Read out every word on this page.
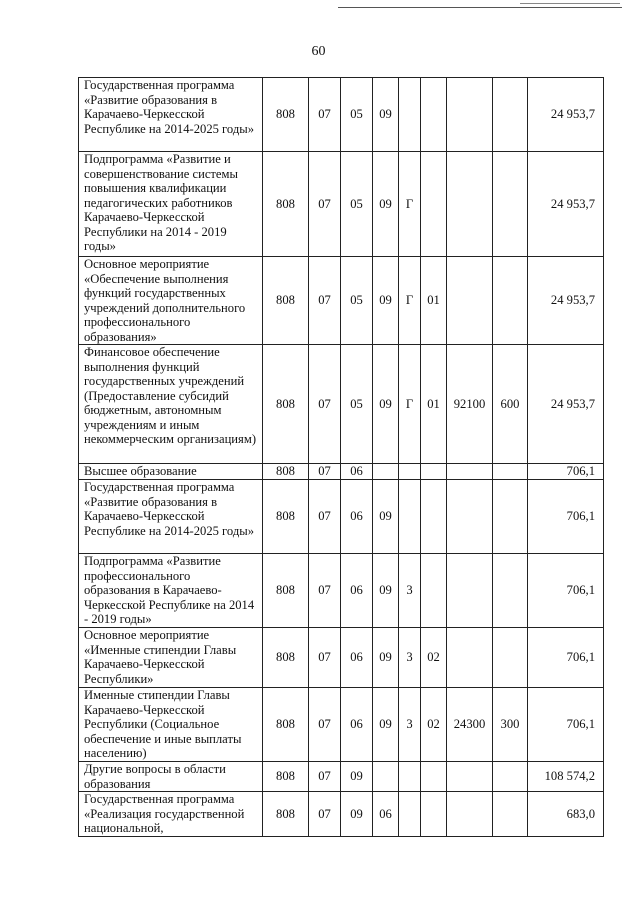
60
Государственная программа «Развитие образования в Карачаево-Черкесской Республике на 2014-2025 годы»	808	07	05	09					24 953,7
Подпрограмма «Развитие и совершенствование системы повышения квалификации педагогических работников Карачаево-Черкесской Республики на 2014 - 2019 годы»	808	07	05	09	Г				24 953,7
Основное мероприятие «Обеспечение выполнения функций государственных учреждений дополнительного профессионального образования»	808	07	05	09	Г	01			24 953,7
Финансовое обеспечение выполнения функций государственных учреждений (Предоставление субсидий бюджетным, автономным учреждениям и иным некоммерческим организациям)	808	07	05	09	Г	01	92100	600	24 953,7
Высшее образование	808	07	06						706,1
Государственная программа «Развитие образования в Карачаево-Черкесской Республике на 2014-2025 годы»	808	07	06	09					706,1
Подпрограмма «Развитие профессионального образования в Карачаево-Черкесской Республике на 2014 - 2019 годы»	808	07	06	09	3				706,1
Основное мероприятие «Именные стипендии Главы Карачаево-Черкесской Республики»	808	07	06	09	3	02			706,1
Именные стипендии Главы Карачаево-Черкесской Республики (Социальное обеспечение и иные выплаты населению)	808	07	06	09	3	02	24300	300	706,1
Другие вопросы в области образования	808	07	09						108 574,2
Государственная программа «Реализация государственной национальной,	808	07	09	06					683,0
